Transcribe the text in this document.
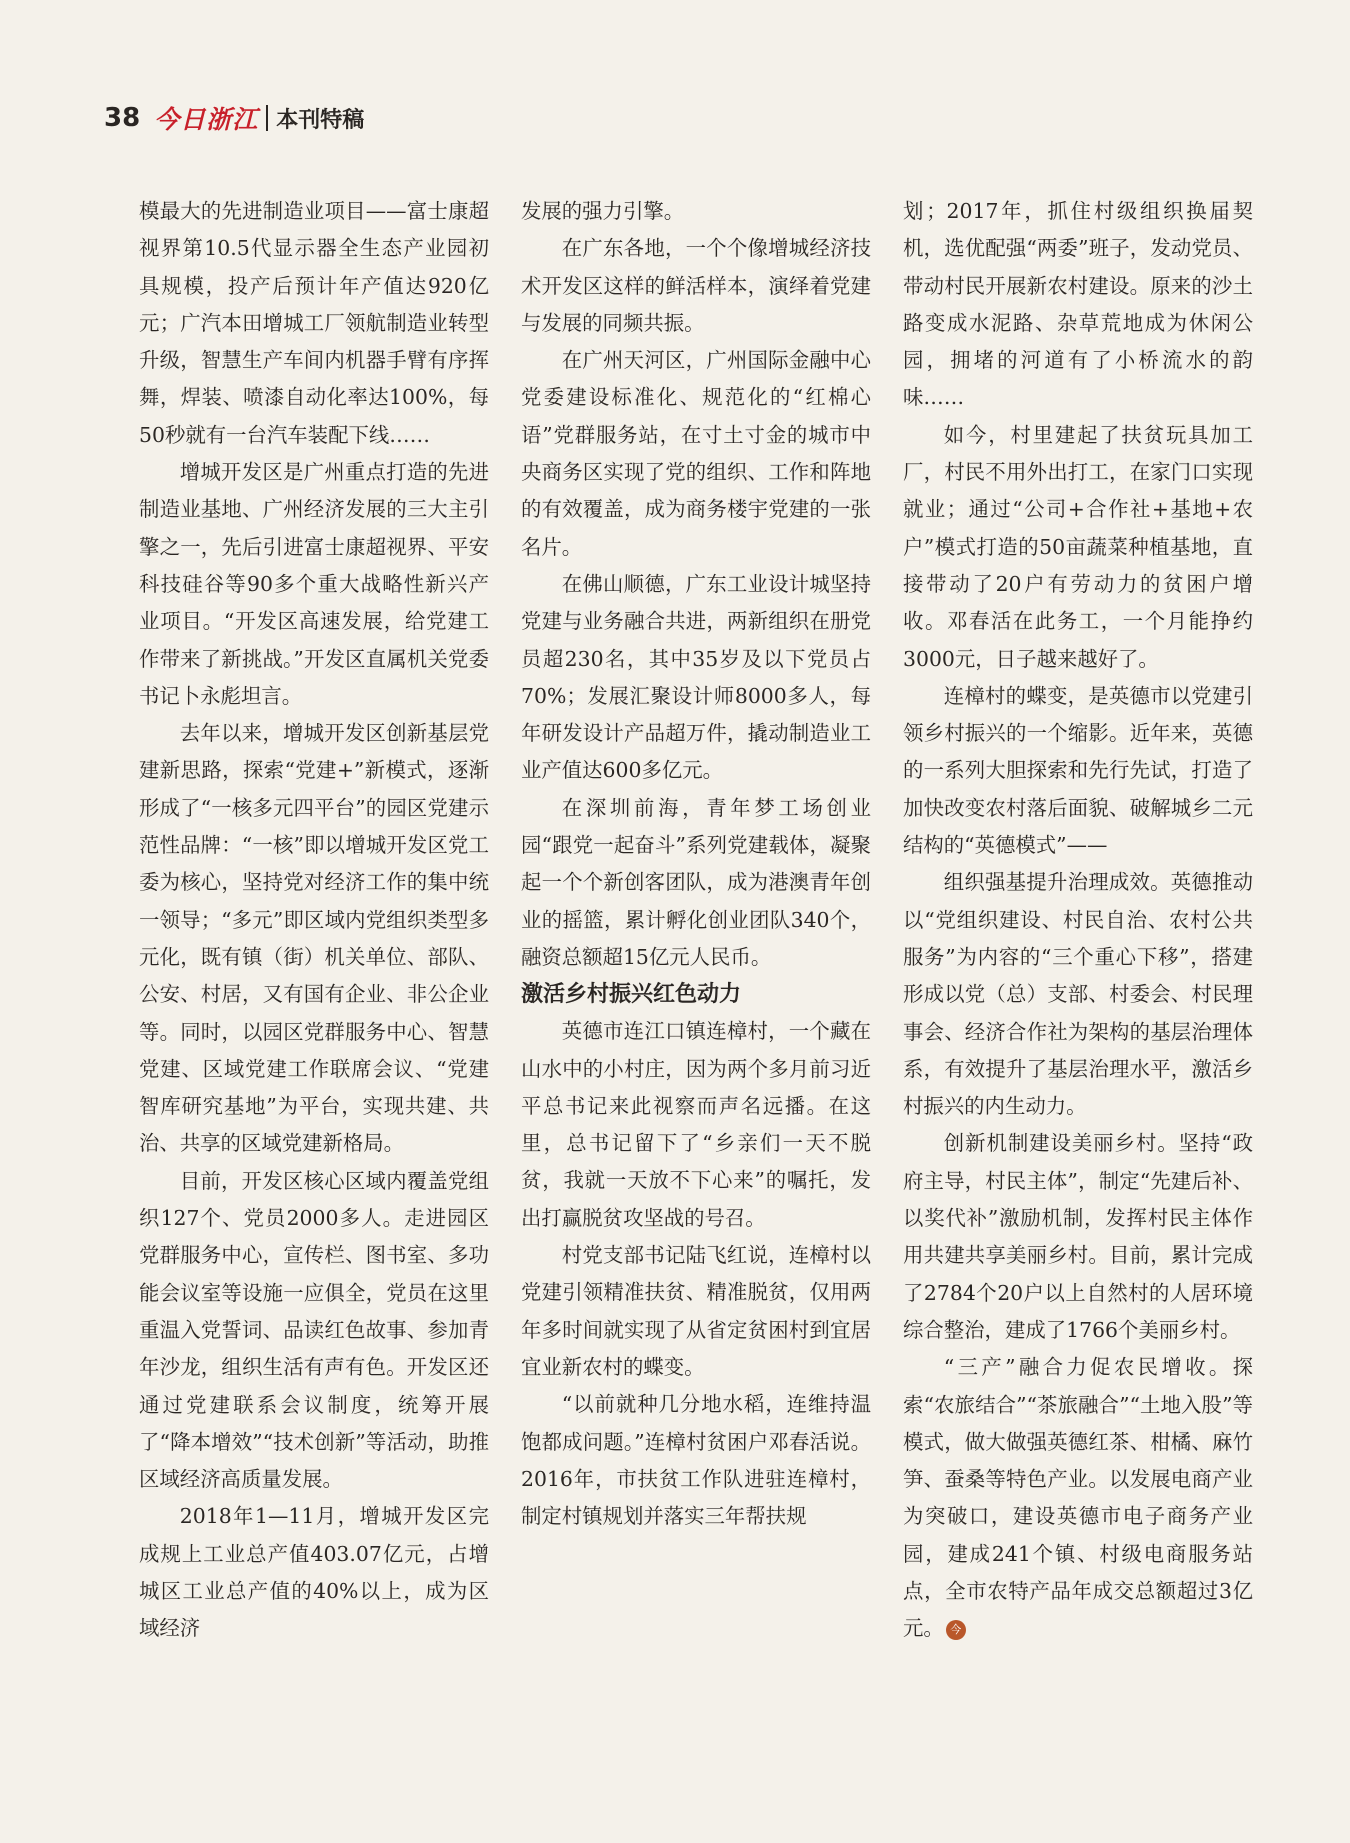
38 今日浙江 本刊特稿

模最大的先进制造业项目——富士康超视界第10.5代显示器全生态产业园初具规模，投产后预计年产值达920亿元；广汽本田增城工厂领航制造业转型升级，智慧生产车间内机器手臂有序挥舞，焊装、喷漆自动化率达100%，每50秒就有一台汽车装配下线……

增城开发区是广州重点打造的先进制造业基地、广州经济发展的三大主引擎之一，先后引进富士康超视界、平安科技硅谷等90多个重大战略性新兴产业项目。“开发区高速发展，给党建工作带来了新挑战。”开发区直属机关党委书记卜永彪坦言。

去年以来，增城开发区创新基层党建新思路，探索“党建+”新模式，逐渐形成了“一核多元四平台”的园区党建示范性品牌：“一核”即以增城开发区党工委为核心，坚持党对经济工作的集中统一领导；“多元”即区域内党组织类型多元化，既有镇（街）机关单位、部队、公安、村居，又有国有企业、非公企业等。同时，以园区党群服务中心、智慧党建、区域党建工作联席会议、“党建智库研究基地”为平台，实现共建、共治、共享的区域党建新格局。

目前，开发区核心区域内覆盖党组织127个、党员2000多人。走进园区党群服务中心，宣传栏、图书室、多功能会议室等设施一应俱全，党员在这里重温入党誓词、品读红色故事、参加青年沙龙，组织生活有声有色。开发区还通过党建联系会议制度，统筹开展了“降本增效”“技术创新”等活动，助推区域经济高质量发展。

2018年1—11月，增城开发区完成规上工业总产值403.07亿元，占增城区工业总产值的40%以上，成为区域经济

发展的强力引擎。

在广东各地，一个个像增城经济技术开发区这样的鲜活样本，演绎着党建与发展的同频共振。

在广州天河区，广州国际金融中心党委建设标准化、规范化的“红棉心语”党群服务站，在寸土寸金的城市中央商务区实现了党的组织、工作和阵地的有效覆盖，成为商务楼宇党建的一张名片。

在佛山顺德，广东工业设计城坚持党建与业务融合共进，两新组织在册党员超230名，其中35岁及以下党员占70%；发展汇聚设计师8000多人，每年研发设计产品超万件，撬动制造业工业产值达600多亿元。

在深圳前海，青年梦工场创业园“跟党一起奋斗”系列党建载体，凝聚起一个个新创客团队，成为港澳青年创业的摇篮，累计孵化创业团队340个，融资总额超15亿元人民币。

激活乡村振兴红色动力

英德市连江口镇连樟村，一个藏在山水中的小村庄，因为两个多月前习近平总书记来此视察而声名远播。在这里，总书记留下了“乡亲们一天不脱贫，我就一天放不下心来”的嘱托，发出打赢脱贫攻坚战的号召。

村党支部书记陆飞红说，连樟村以党建引领精准扶贫、精准脱贫，仅用两年多时间就实现了从省定贫困村到宜居宜业新农村的蝶变。

“以前就种几分地水稻，连维持温饱都成问题。”连樟村贫困户邓春活说。2016年，市扶贫工作队进驻连樟村，制定村镇规划并落实三年帮扶规

划；2017年，抓住村级组织换届契机，选优配强“两委”班子，发动党员、带动村民开展新农村建设。原来的沙土路变成水泥路、杂草荒地成为休闲公园，拥堵的河道有了小桥流水的韵味……

如今，村里建起了扶贫玩具加工厂，村民不用外出打工，在家门口实现就业；通过“公司+合作社+基地+农户”模式打造的50亩蔬菜种植基地，直接带动了20户有劳动力的贫困户增收。邓春活在此务工，一个月能挣约3000元，日子越来越好了。

连樟村的蝶变，是英德市以党建引领乡村振兴的一个缩影。近年来，英德的一系列大胆探索和先行先试，打造了加快改变农村落后面貌、破解城乡二元结构的“英德模式”——

组织强基提升治理成效。英德推动以“党组织建设、村民自治、农村公共服务”为内容的“三个重心下移”，搭建形成以党（总）支部、村委会、村民理事会、经济合作社为架构的基层治理体系，有效提升了基层治理水平，激活乡村振兴的内生动力。

创新机制建设美丽乡村。坚持“政府主导，村民主体”，制定“先建后补、以奖代补”激励机制，发挥村民主体作用共建共享美丽乡村。目前，累计完成了2784个20户以上自然村的人居环境综合整治，建成了1766个美丽乡村。

“三产”融合力促农民增收。探索“农旅结合”“茶旅融合”“土地入股”等模式，做大做强英德红茶、柑橘、麻竹笋、蚕桑等特色产业。以发展电商产业为突破口，建设英德市电子商务产业园，建成241个镇、村级电商服务站点，全市农特产品年成交总额超过3亿元。 今
